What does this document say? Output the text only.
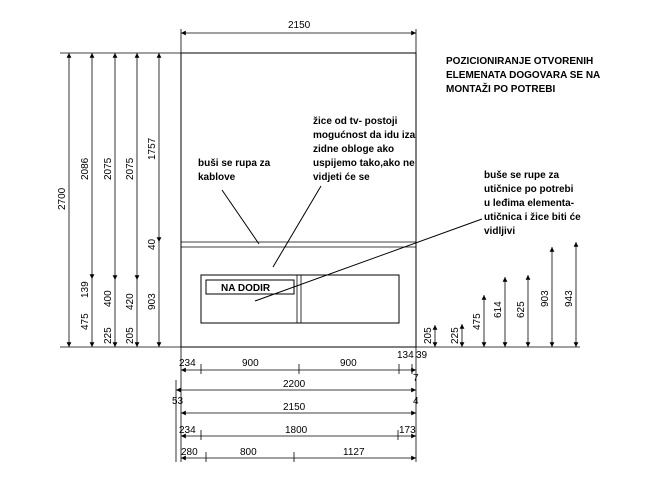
NA DODIR
2150
2700
2086
139
475
2075
400
225
2075
420
205
1757
40
903
205 225
475
614 625
903 943
234	900	900
134 39
7
2200
53	4
2150
234	1800	173
280	800	1127
POZICIONIRANJE OTVORENIH
ELEMENATA DOGOVARA SE NA
MONTAŽI PO POTREBI
buši se rupa za
kablove
žice od tv- postoji
mogućnost da idu iza
zidne obloge ako
uspijemo tako,ako ne
vidjeti će se	buše se rupe za
utičnice po potrebi
u leđima elementa-
utičnica i žice biti će
vidljivi
